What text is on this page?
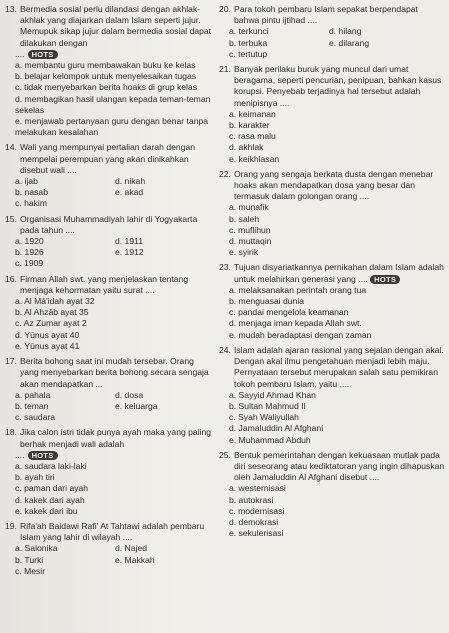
13. Bermedia sosial perlu dilandasi dengan akhlak-akhlak yang diajarkan dalam Islam seperti jujur. Memupuk sikap jujur dalam bermedia sosial dapat dilakukan dengan
.... HOTS
a. membantu guru membawakan buku ke kelas
b. belajar kelompok untuk menyelesaikan tugas
c. tidak menyebarkan berita hoaks di grup kelas
d. membagikan hasil ulangan kepada teman-teman sekelas
e. menjawab pertanyaan guru dengan benar tanpa melakukan kesalahan
14. Wali yang mempunyai pertalian darah dengan mempelai perempuan yang akan dinikahkan disebut wali ....
a. ijab	d. nikah
b. nasab	e. akad
c. hakim
15. Organisasi Muhammadiyah lahir di Yogyakarta pada tahun ....
a. 1920	d. 1911
b. 1926	e. 1912
c. 1909
16. Firman Allah swt. yang menjelaskan tentang menjaga kehormatan yaitu surat ....
a. Al Mā'idah ayat 32
b. Al Ahzāb ayat 35
c. Az Zumar ayat 2
d. Yūnus ayat 40
e. Yūnus ayat 41
17. Berita bohong saat ini mudah tersebar. Orang yang menyebarkan berita bohong secara sengaja akan mendapatkan ...
a. pahala	d. dosa
b. teman	e. keluarga
c. saudara
18. Jika calon istri tidak punya ayah maka yang paling berhak menjadi wali adalah
.... HOTS
a. saudara laki-laki
b. ayah tiri
c. paman dari ayah
d. kakek dari ayah
e. kakek dari ibu
19. Rifa'ah Baidawi Rafi' At Tahtawi adalah pembaru Islam yang lahir di wilayah ....
a. Salonika	d. Najed
b. Turki	e. Makkah
c. Mesir
20. Para tokoh pembaru Islam sepakat berpendapat bahwa pintu ijtihad ....
a. terkunci	d. hilang
b. terbuka	e. dilarang
c. tertutup
21. Banyak perilaku buruk yang muncul dari umat beragama, seperti pencurian, penipuan, bahkan kasus korupsi. Penyebab terjadinya hal tersebut adalah menipisnya ....
a. keimanan
b. karakter
c. rasa malu
d. akhlak
e. keikhlasan
22. Orang yang sengaja berkata dusta dengan menebar hoaks akan mendapatkan dosa yang besar dan termasuk dalam golongan orang ....
a. munafik
b. saleh
c. muflihun
d. muttaqin
e. syirik
23. Tujuan disyariatkannya pernikahan dalam Islam adalah untuk melahirkan generasi yang .... HOTS
a. melaksanakan perintah orang tua
b. menguasai dunia
c. pandai mengelola keamanan
d. menjaga iman kepada Allah swt.
e. mudah beradaptasi dengan zaman
24. Islam adalah ajaran rasional yang sejalan dengan akal. Dengan akal ilmu pengetahuan menjadi lebih maju. Pernyataan tersebut merupakan salah satu pemikiran tokoh pembaru Islam, yaitu ....
a. Sayyid Ahmad Khan
b. Sultan Mahmud II
c. Syah Waliyullah
d. Jamaluddin Al Afghani
e. Muhammad Abduh
25. Bentuk pemerintahan dengan kekuasaan mutlak pada diri seseorang atau kediktatoran yang ingin dihapuskan oleh Jamaluddin Al Afghani disebut ....
a. westernisasi
b. autokrasi
c. modernisasi
d. demokrasi
e. sekulerisasi
